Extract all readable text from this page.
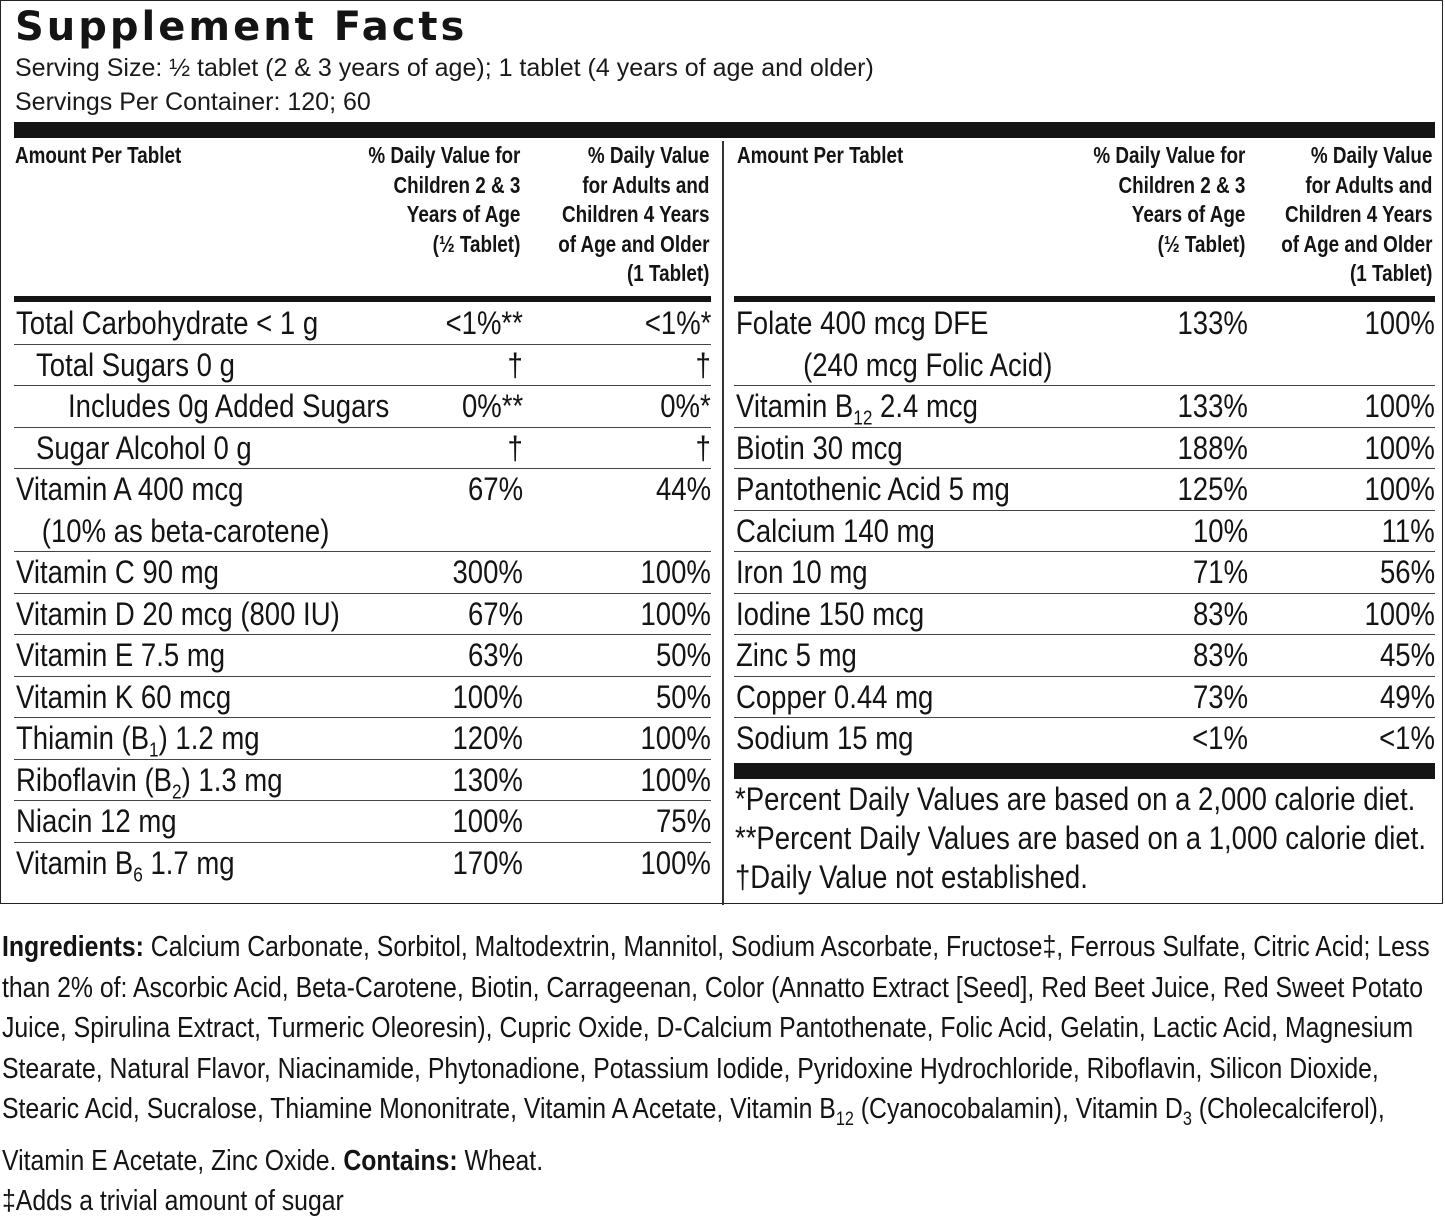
Supplement Facts
Serving Size: ½ tablet (2 & 3 years of age); 1 tablet (4 years of age and older)
Servings Per Container: 120; 60
Amount Per Tablet	% Daily Value for
Children 2 & 3
Years of Age
(½ Tablet)
% Daily Value
for Adults and
Children 4 Years
of Age and Older
(1 Tablet)
Amount Per Tablet	% Daily Value for
Children 2 & 3
Years of Age
(½ Tablet)
% Daily Value
for Adults and
Children 4 Years
of Age and Older
(1 Tablet)
Total Carbohydrate < 1 g	<1%**	<1%*
Total Sugars 0 g	†	†
Includes 0g Added Sugars 0%**	0%*
Sugar Alcohol 0 g	†	†
Vitamin A 400 mcg
(10% as beta-carotene)
67%	44%
Vitamin C 90 mg	300%	100%
Vitamin D 20 mcg (800 IU)	67%	100%
Vitamin E 7.5 mg	63%	50%
Vitamin K 60 mcg	100%	50%
Thiamin $(B_1)$ 1.2 mg	120%	100%
Riboflavin $(B_2)$ 1.3 mg	130%	100%
Niacin 12 mg	100%	75%
Vitamin $B_6$ 1.7 mg	170%	100%
Folate 400 mcg DFE
(240 mcg Folic Acid)
133%	100%
Vitamin $B_{12}$ 2.4 mcg	133%	100%
Biotin 30 mcg	188%	100%
Pantothenic Acid 5 mg	125%	100%
Calcium 140 mg	10%	11%
Iron 10 mg	71%	56%
Iodine 150 mcg	83%	100%
Zinc 5 mg	83%	45%
Copper 0.44 mg	73%	49%
Sodium 15 mg	<1%	<1%
*Percent Daily Values are based on a 2,000 calorie diet.
**Percent Daily Values are based on a 1,000 calorie diet.
†Daily Value not established.
Ingredients: Calcium Carbonate, Sorbitol, Maltodextrin, Mannitol, Sodium Ascorbate, Fructose‡, Ferrous Sulfate, Citric Acid; Less than 2% of: Ascorbic Acid, Beta-Carotene, Biotin, Carrageenan, Color (Annatto Extract [Seed], Red Beet Juice, Red Sweet Potato Juice, Spirulina Extract, Turmeric Oleoresin), Cupric Oxide, D-Calcium Pantothenate, Folic Acid, Gelatin, Lactic Acid, Magnesium Stearate, Natural Flavor, Niacinamide, Phytonadione, Potassium Iodide, Pyridoxine Hydrochloride, Riboflavin, Silicon Dioxide, Stearic Acid, Sucralose, Thiamine Mononitrate, Vitamin A Acetate, Vitamin $B_{12}$ (Cyanocobalamin), Vitamin $D_3$ (Cholecalciferol), Vitamin E Acetate, Zinc Oxide. Contains: Wheat.
‡Adds a trivial amount of sugar
